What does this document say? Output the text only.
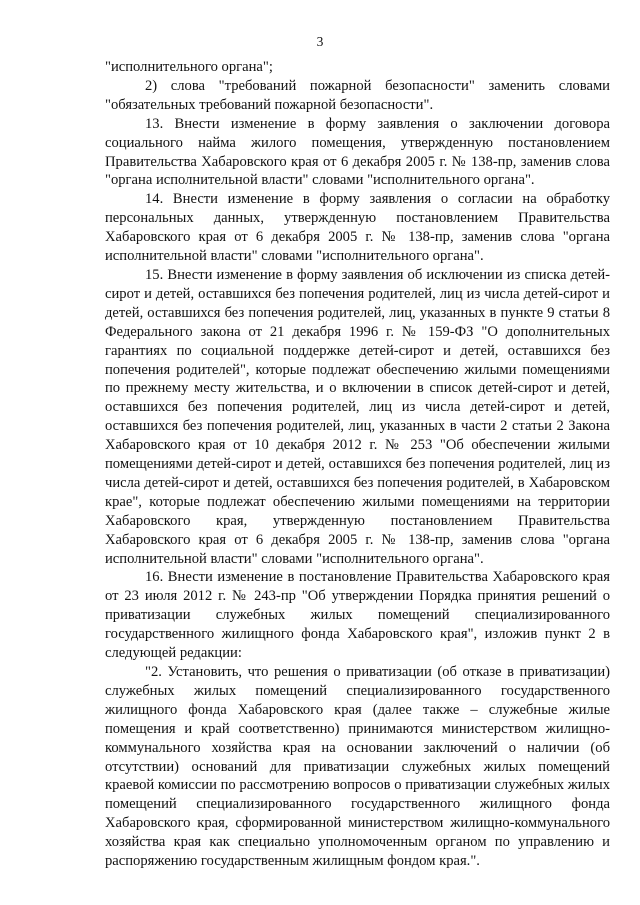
3

"исполнительного органа";

2) слова "требований пожарной безопасности" заменить словами "обязательных требований пожарной безопасности".

13. Внести изменение в форму заявления о заключении договора социального найма жилого помещения, утвержденную постановлением Правительства Хабаровского края от 6 декабря 2005 г. № 138-пр, заменив слова "органа исполнительной власти" словами "исполнительного органа".

14. Внести изменение в форму заявления о согласии на обработку персональных данных, утвержденную постановлением Правительства Хабаровского края от 6 декабря 2005 г. № 138-пр, заменив слова "органа исполнительной власти" словами "исполнительного органа".

15. Внести изменение в форму заявления об исключении из списка детей-сирот и детей, оставшихся без попечения родителей, лиц из числа детей-сирот и детей, оставшихся без попечения родителей, лиц, указанных в пункте 9 статьи 8 Федерального закона от 21 декабря 1996 г. № 159-ФЗ "О дополнительных гарантиях по социальной поддержке детей-сирот и детей, оставшихся без попечения родителей", которые подлежат обеспечению жилыми помещениями по прежнему месту жительства, и о включении в список детей-сирот и детей, оставшихся без попечения родителей, лиц из числа детей-сирот и детей, оставшихся без попечения родителей, лиц, указанных в части 2 статьи 2 Закона Хабаровского края от 10 декабря 2012 г. № 253 "Об обеспечении жилыми помещениями детей-сирот и детей, оставшихся без попечения родителей, лиц из числа детей-сирот и детей, оставшихся без попечения родителей, в Хабаровском крае", которые подлежат обеспечению жилыми помещениями на территории Хабаровского края, утвержденную постановлением Правительства Хабаровского края от 6 декабря 2005 г. № 138-пр, заменив слова "органа исполнительной власти" словами "исполнительного органа".

16. Внести изменение в постановление Правительства Хабаровского края от 23 июля 2012 г. № 243-пр "Об утверждении Порядка принятия решений о приватизации служебных жилых помещений специализированного государственного жилищного фонда Хабаровского края", изложив пункт 2 в следующей редакции:

"2. Установить, что решения о приватизации (об отказе в приватизации) служебных жилых помещений специализированного государственного жилищного фонда Хабаровского края (далее также – служебные жилые помещения и край соответственно) принимаются министерством жилищно-коммунального хозяйства края на основании заключений о наличии (об отсутствии) оснований для приватизации служебных жилых помещений краевой комиссии по рассмотрению вопросов о приватизации служебных жилых помещений специализированного государственного жилищного фонда Хабаровского края, сформированной министерством жилищно-коммунального хозяйства края как специально уполномоченным органом по управлению и распоряжению государственным жилищным фондом края.".
